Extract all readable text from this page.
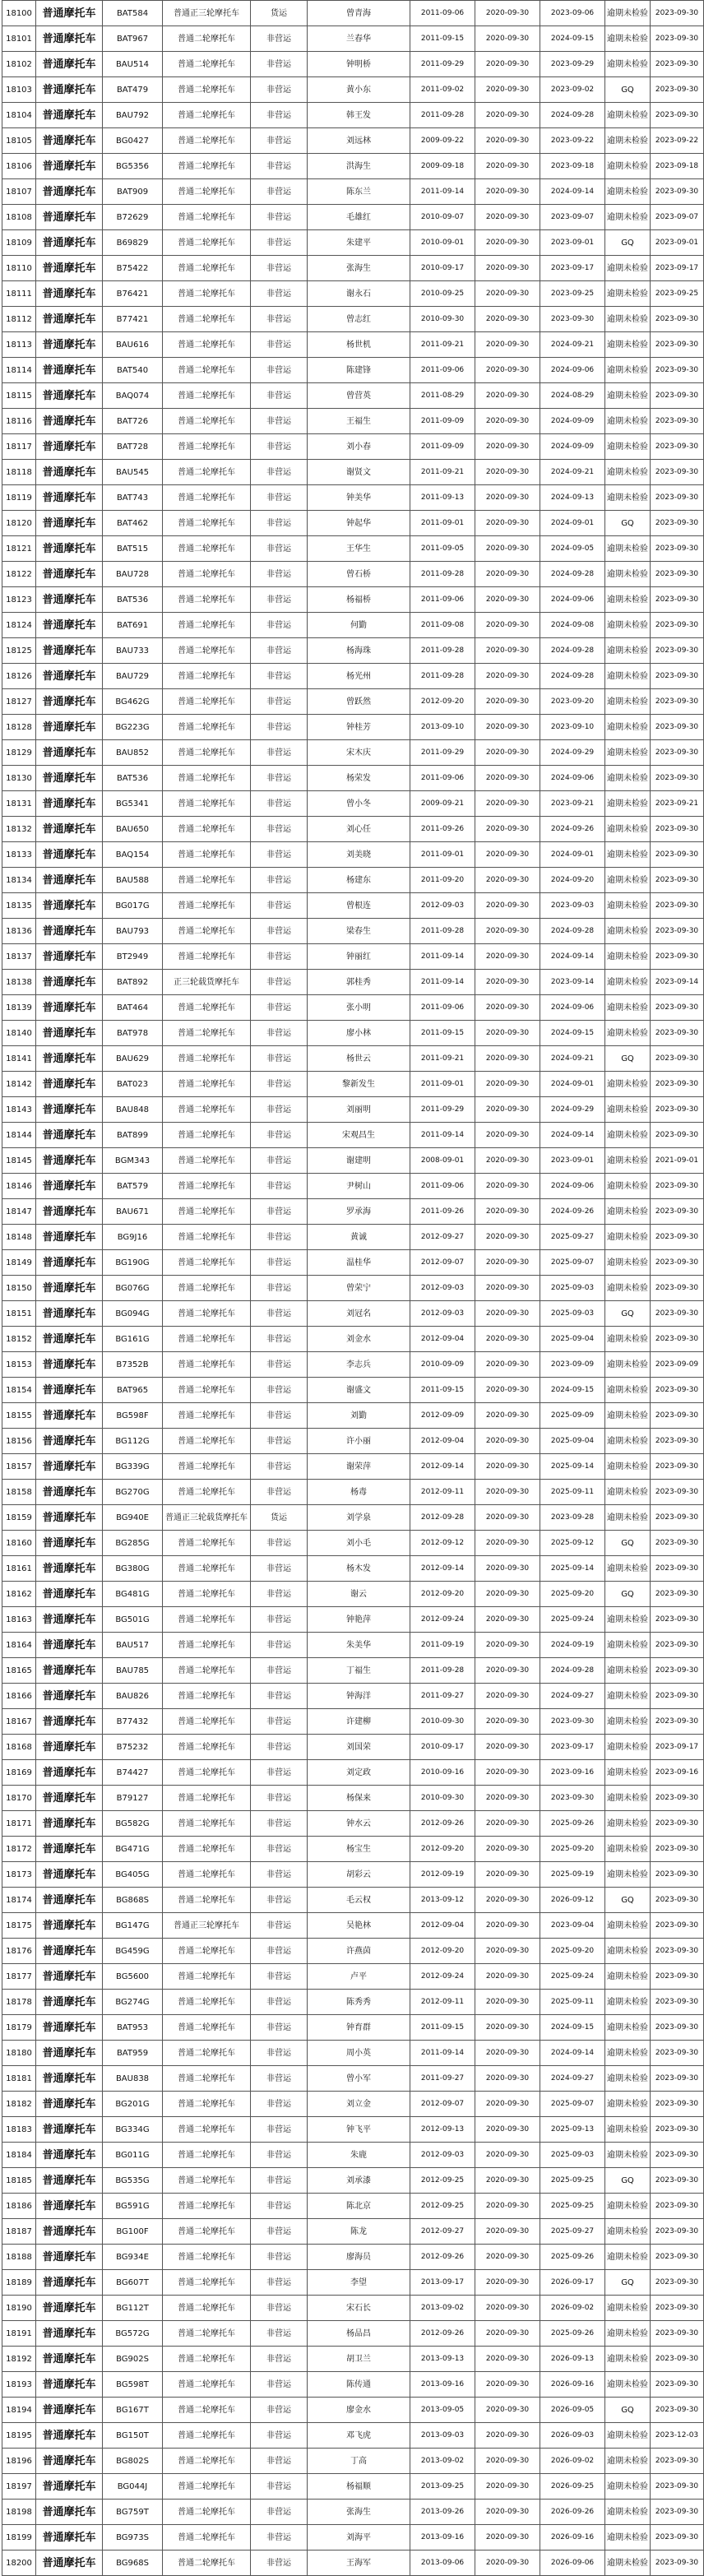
18100	普通摩托车	BAT584	普通正三轮摩托车	货运	曾青海	2011-09-06	2020-09-30	2023-09-06	逾期未检验	2023-09-30
18101	普通摩托车	BAT967	普通二轮摩托车	非营运	兰春华	2011-09-15	2020-09-30	2024-09-15	逾期未检验	2023-09-30
18102	普通摩托车	BAU514	普通二轮摩托车	非营运	钟明桥	2011-09-29	2020-09-30	2023-09-29	逾期未检验	2023-09-30
18103	普通摩托车	BAT479	普通二轮摩托车	非营运	黄小东	2011-09-02	2020-09-30	2023-09-02	GQ	2023-09-30
18104	普通摩托车	BAU792	普通二轮摩托车	非营运	韩王发	2011-09-28	2020-09-30	2024-09-28	逾期未检验	2023-09-30
18105	普通摩托车	BG0427	普通二轮摩托车	非营运	刘远林	2009-09-22	2020-09-30	2023-09-22	逾期未检验	2023-09-22
18106	普通摩托车	BG5356	普通二轮摩托车	非营运	洪海生	2009-09-18	2020-09-30	2023-09-18	逾期未检验	2023-09-18
18107	普通摩托车	BAT909	普通二轮摩托车	非营运	陈东兰	2011-09-14	2020-09-30	2024-09-14	逾期未检验	2023-09-30
18108	普通摩托车	B72629	普通二轮摩托车	非营运	毛雄红	2010-09-07	2020-09-30	2023-09-07	逾期未检验	2023-09-07
18109	普通摩托车	B69829	普通二轮摩托车	非营运	朱建平	2010-09-01	2020-09-30	2023-09-01	GQ	2023-09-01
18110	普通摩托车	B75422	普通二轮摩托车	非营运	张海生	2010-09-17	2020-09-30	2023-09-17	逾期未检验	2023-09-17
18111	普通摩托车	B76421	普通二轮摩托车	非营运	谢永石	2010-09-25	2020-09-30	2023-09-25	逾期未检验	2023-09-25
18112	普通摩托车	B77421	普通二轮摩托车	非营运	曾志红	2010-09-30	2020-09-30	2023-09-30	逾期未检验	2023-09-30
18113	普通摩托车	BAU616	普通二轮摩托车	非营运	杨世机	2011-09-21	2020-09-30	2024-09-21	逾期未检验	2023-09-30
18114	普通摩托车	BAT540	普通二轮摩托车	非营运	陈建锋	2011-09-06	2020-09-30	2024-09-06	逾期未检验	2023-09-30
18115	普通摩托车	BAQ074	普通二轮摩托车	非营运	曾营英	2011-08-29	2020-09-30	2024-08-29	逾期未检验	2023-09-30
18116	普通摩托车	BAT726	普通二轮摩托车	非营运	王福生	2011-09-09	2020-09-30	2024-09-09	逾期未检验	2023-09-30
18117	普通摩托车	BAT728	普通二轮摩托车	非营运	刘小春	2011-09-09	2020-09-30	2024-09-09	逾期未检验	2023-09-30
18118	普通摩托车	BAU545	普通二轮摩托车	非营运	谢贤文	2011-09-21	2020-09-30	2024-09-21	逾期未检验	2023-09-30
18119	普通摩托车	BAT743	普通二轮摩托车	非营运	钟美华	2011-09-13	2020-09-30	2024-09-13	逾期未检验	2023-09-30
18120	普通摩托车	BAT462	普通二轮摩托车	非营运	钟起华	2011-09-01	2020-09-30	2024-09-01	GQ	2023-09-30
18121	普通摩托车	BAT515	普通二轮摩托车	非营运	王华生	2011-09-05	2020-09-30	2024-09-05	逾期未检验	2023-09-30
18122	普通摩托车	BAU728	普通二轮摩托车	非营运	曾石桥	2011-09-28	2020-09-30	2024-09-28	逾期未检验	2023-09-30
18123	普通摩托车	BAT536	普通二轮摩托车	非营运	杨福桥	2011-09-06	2020-09-30	2024-09-06	逾期未检验	2023-09-30
18124	普通摩托车	BAT691	普通二轮摩托车	非营运	何勤	2011-09-08	2020-09-30	2024-09-08	逾期未检验	2023-09-30
18125	普通摩托车	BAU733	普通二轮摩托车	非营运	杨海珠	2011-09-28	2020-09-30	2024-09-28	逾期未检验	2023-09-30
18126	普通摩托车	BAU729	普通二轮摩托车	非营运	杨光州	2011-09-28	2020-09-30	2024-09-28	逾期未检验	2023-09-30
18127	普通摩托车	BG462G	普通二轮摩托车	非营运	曾跃然	2012-09-20	2020-09-30	2023-09-20	逾期未检验	2023-09-30
18128	普通摩托车	BG223G	普通二轮摩托车	非营运	钟桂芳	2013-09-10	2020-09-30	2023-09-10	逾期未检验	2023-09-30
18129	普通摩托车	BAU852	普通二轮摩托车	非营运	宋木庆	2011-09-29	2020-09-30	2024-09-29	逾期未检验	2023-09-30
18130	普通摩托车	BAT536	普通二轮摩托车	非营运	杨荣发	2011-09-06	2020-09-30	2024-09-06	逾期未检验	2023-09-30
18131	普通摩托车	BG5341	普通二轮摩托车	非营运	曾小冬	2009-09-21	2020-09-30	2023-09-21	逾期未检验	2023-09-21
18132	普通摩托车	BAU650	普通二轮摩托车	非营运	刘心任	2011-09-26	2020-09-30	2024-09-26	逾期未检验	2023-09-30
18133	普通摩托车	BAQ154	普通二轮摩托车	非营运	刘美晓	2011-09-01	2020-09-30	2024-09-01	逾期未检验	2023-09-30
18134	普通摩托车	BAU588	普通二轮摩托车	非营运	杨建东	2011-09-20	2020-09-30	2024-09-20	逾期未检验	2023-09-30
18135	普通摩托车	BG017G	普通二轮摩托车	非营运	曾根连	2012-09-03	2020-09-30	2023-09-03	逾期未检验	2023-09-30
18136	普通摩托车	BAU793	普通二轮摩托车	非营运	梁春生	2011-09-28	2020-09-30	2024-09-28	逾期未检验	2023-09-30
18137	普通摩托车	BT2949	普通二轮摩托车	非营运	钟丽红	2011-09-14	2020-09-30	2024-09-14	逾期未检验	2023-09-30
18138	普通摩托车	BAT892	正三轮载货摩托车	非营运	郭桂秀	2011-09-14	2020-09-30	2023-09-14	逾期未检验	2023-09-14
18139	普通摩托车	BAT464	普通二轮摩托车	非营运	张小明	2011-09-06	2020-09-30	2024-09-06	逾期未检验	2023-09-30
18140	普通摩托车	BAT978	普通二轮摩托车	非营运	廖小林	2011-09-15	2020-09-30	2024-09-15	逾期未检验	2023-09-30
18141	普通摩托车	BAU629	普通二轮摩托车	非营运	杨世云	2011-09-21	2020-09-30	2024-09-21	GQ	2023-09-30
18142	普通摩托车	BAT023	普通二轮摩托车	非营运	黎新发生	2011-09-01	2020-09-30	2024-09-01	逾期未检验	2023-09-30
18143	普通摩托车	BAU848	普通二轮摩托车	非营运	刘丽明	2011-09-29	2020-09-30	2024-09-29	逾期未检验	2023-09-30
18144	普通摩托车	BAT899	普通二轮摩托车	非营运	宋观昌生	2011-09-14	2020-09-30	2024-09-14	逾期未检验	2023-09-30
18145	普通摩托车	BGM343	普通二轮摩托车	非营运	谢建明	2008-09-01	2020-09-30	2023-09-01	逾期未检验	2021-09-01
18146	普通摩托车	BAT579	普通二轮摩托车	非营运	尹树山	2011-09-06	2020-09-30	2024-09-06	逾期未检验	2023-09-30
18147	普通摩托车	BAU671	普通二轮摩托车	非营运	罗承海	2011-09-26	2020-09-30	2024-09-26	逾期未检验	2023-09-30
18148	普通摩托车	BG9J16	普通二轮摩托车	非营运	黄诚	2012-09-27	2020-09-30	2025-09-27	逾期未检验	2023-09-30
18149	普通摩托车	BG190G	普通二轮摩托车	非营运	温桂华	2012-09-07	2020-09-30	2025-09-07	逾期未检验	2023-09-30
18150	普通摩托车	BG076G	普通二轮摩托车	非营运	曾荣宁	2012-09-03	2020-09-30	2025-09-03	逾期未检验	2023-09-30
18151	普通摩托车	BG094G	普通二轮摩托车	非营运	刘冠名	2012-09-03	2020-09-30	2025-09-03	GQ	2023-09-30
18152	普通摩托车	BG161G	普通二轮摩托车	非营运	刘金水	2012-09-04	2020-09-30	2025-09-04	逾期未检验	2023-09-30
18153	普通摩托车	B7352B	普通二轮摩托车	非营运	李志兵	2010-09-09	2020-09-30	2023-09-09	逾期未检验	2023-09-09
18154	普通摩托车	BAT965	普通二轮摩托车	非营运	谢盛文	2011-09-15	2020-09-30	2024-09-15	逾期未检验	2023-09-30
18155	普通摩托车	BG598F	普通二轮摩托车	非营运	刘勤	2012-09-09	2020-09-30	2025-09-09	逾期未检验	2023-09-30
18156	普通摩托车	BG112G	普通二轮摩托车	非营运	许小丽	2012-09-04	2020-09-30	2025-09-04	逾期未检验	2023-09-30
18157	普通摩托车	BG339G	普通二轮摩托车	非营运	谢荣萍	2012-09-14	2020-09-30	2025-09-14	逾期未检验	2023-09-30
18158	普通摩托车	BG270G	普通二轮摩托车	非营运	杨毒	2012-09-11	2020-09-30	2025-09-11	逾期未检验	2023-09-30
18159	普通摩托车	BG940E	普通正三轮载货摩托车	货运	刘学泉	2012-09-28	2020-09-30	2023-09-28	逾期未检验	2023-09-30
18160	普通摩托车	BG285G	普通二轮摩托车	非营运	刘小毛	2012-09-12	2020-09-30	2025-09-12	GQ	2023-09-30
18161	普通摩托车	BG380G	普通二轮摩托车	非营运	杨木发	2012-09-14	2020-09-30	2025-09-14	逾期未检验	2023-09-30
18162	普通摩托车	BG481G	普通二轮摩托车	非营运	谢云	2012-09-20	2020-09-30	2025-09-20	GQ	2023-09-30
18163	普通摩托车	BG501G	普通二轮摩托车	非营运	钟艳萍	2012-09-24	2020-09-30	2025-09-24	逾期未检验	2023-09-30
18164	普通摩托车	BAU517	普通二轮摩托车	非营运	朱美华	2011-09-19	2020-09-30	2024-09-19	逾期未检验	2023-09-30
18165	普通摩托车	BAU785	普通二轮摩托车	非营运	丁福生	2011-09-28	2020-09-30	2024-09-28	逾期未检验	2023-09-30
18166	普通摩托车	BAU826	普通二轮摩托车	非营运	钟海洋	2011-09-27	2020-09-30	2024-09-27	逾期未检验	2023-09-30
18167	普通摩托车	B77432	普通二轮摩托车	非营运	许建柳	2010-09-30	2020-09-30	2023-09-30	逾期未检验	2023-09-30
18168	普通摩托车	B75232	普通二轮摩托车	非营运	刘国荣	2010-09-17	2020-09-30	2023-09-17	逾期未检验	2023-09-17
18169	普通摩托车	B74427	普通二轮摩托车	非营运	刘定政	2010-09-16	2020-09-30	2023-09-16	逾期未检验	2023-09-16
18170	普通摩托车	B79127	普通二轮摩托车	非营运	杨保来	2010-09-30	2020-09-30	2023-09-30	逾期未检验	2023-09-30
18171	普通摩托车	BG582G	普通二轮摩托车	非营运	钟水云	2012-09-26	2020-09-30	2025-09-26	逾期未检验	2023-09-30
18172	普通摩托车	BG471G	普通二轮摩托车	非营运	杨宝生	2012-09-20	2020-09-30	2025-09-20	逾期未检验	2023-09-30
18173	普通摩托车	BG405G	普通二轮摩托车	非营运	胡彩云	2012-09-19	2020-09-30	2025-09-19	逾期未检验	2023-09-30
18174	普通摩托车	BG868S	普通二轮摩托车	非营运	毛云权	2013-09-12	2020-09-30	2026-09-12	GQ	2023-09-30
18175	普通摩托车	BG147G	普通正三轮摩托车	非营运	吴艳林	2012-09-04	2020-09-30	2023-09-04	逾期未检验	2023-09-30
18176	普通摩托车	BG459G	普通二轮摩托车	非营运	许燕茵	2012-09-20	2020-09-30	2025-09-20	逾期未检验	2023-09-30
18177	普通摩托车	BG5600	普通二轮摩托车	非营运	卢平	2012-09-24	2020-09-30	2025-09-24	逾期未检验	2023-09-30
18178	普通摩托车	BG274G	普通二轮摩托车	非营运	陈秀秀	2012-09-11	2020-09-30	2025-09-11	逾期未检验	2023-09-30
18179	普通摩托车	BAT953	普通二轮摩托车	非营运	钟育群	2011-09-15	2020-09-30	2024-09-15	逾期未检验	2023-09-30
18180	普通摩托车	BAT959	普通二轮摩托车	非营运	周小英	2011-09-14	2020-09-30	2024-09-14	逾期未检验	2023-09-30
18181	普通摩托车	BAU838	普通二轮摩托车	非营运	曾小军	2011-09-27	2020-09-30	2024-09-27	逾期未检验	2023-09-30
18182	普通摩托车	BG201G	普通二轮摩托车	非营运	刘立金	2012-09-07	2020-09-30	2025-09-07	逾期未检验	2023-09-30
18183	普通摩托车	BG334G	普通二轮摩托车	非营运	钟飞平	2012-09-13	2020-09-30	2025-09-13	逾期未检验	2023-09-30
18184	普通摩托车	BG011G	普通二轮摩托车	非营运	朱鹿	2012-09-03	2020-09-30	2025-09-03	逾期未检验	2023-09-30
18185	普通摩托车	BG535G	普通二轮摩托车	非营运	刘承漆	2012-09-25	2020-09-30	2025-09-25	GQ	2023-09-30
18186	普通摩托车	BG591G	普通二轮摩托车	非营运	陈北京	2012-09-25	2020-09-30	2025-09-25	逾期未检验	2023-09-30
18187	普通摩托车	BG100F	普通二轮摩托车	非营运	陈龙	2012-09-27	2020-09-30	2025-09-27	逾期未检验	2023-09-30
18188	普通摩托车	BG934E	普通二轮摩托车	非营运	廖海员	2012-09-26	2020-09-30	2025-09-26	逾期未检验	2023-09-30
18189	普通摩托车	BG607T	普通二轮摩托车	非营运	李望	2013-09-17	2020-09-30	2026-09-17	GQ	2023-09-30
18190	普通摩托车	BG112T	普通二轮摩托车	非营运	宋石长	2013-09-02	2020-09-30	2026-09-02	逾期未检验	2023-09-30
18191	普通摩托车	BG572G	普通二轮摩托车	非营运	杨品昌	2012-09-26	2020-09-30	2025-09-26	逾期未检验	2023-09-30
18192	普通摩托车	BG902S	普通二轮摩托车	非营运	胡卫兰	2013-09-13	2020-09-30	2026-09-13	逾期未检验	2023-09-30
18193	普通摩托车	BG598T	普通二轮摩托车	非营运	陈传通	2013-09-16	2020-09-30	2026-09-16	逾期未检验	2023-09-30
18194	普通摩托车	BG167T	普通二轮摩托车	非营运	廖金水	2013-09-05	2020-09-30	2026-09-05	GQ	2023-09-30
18195	普通摩托车	BG150T	普通二轮摩托车	非营运	邓飞虎	2013-09-03	2020-09-30	2026-09-03	逾期未检验	2023-12-03
18196	普通摩托车	BG802S	普通二轮摩托车	非营运	丁高	2013-09-02	2020-09-30	2026-09-02	逾期未检验	2023-09-30
18197	普通摩托车	BG044J	普通二轮摩托车	非营运	杨福顺	2013-09-25	2020-09-30	2026-09-25	逾期未检验	2023-09-30
18198	普通摩托车	BG759T	普通二轮摩托车	非营运	张海生	2013-09-26	2020-09-30	2026-09-26	逾期未检验	2023-09-30
18199	普通摩托车	BG973S	普通二轮摩托车	非营运	刘海平	2013-09-16	2020-09-30	2026-09-16	逾期未检验	2023-09-30
18200	普通摩托车	BG968S	普通二轮摩托车	非营运	王海军	2013-09-06	2020-09-30	2026-09-06	逾期未检验	2023-09-30
